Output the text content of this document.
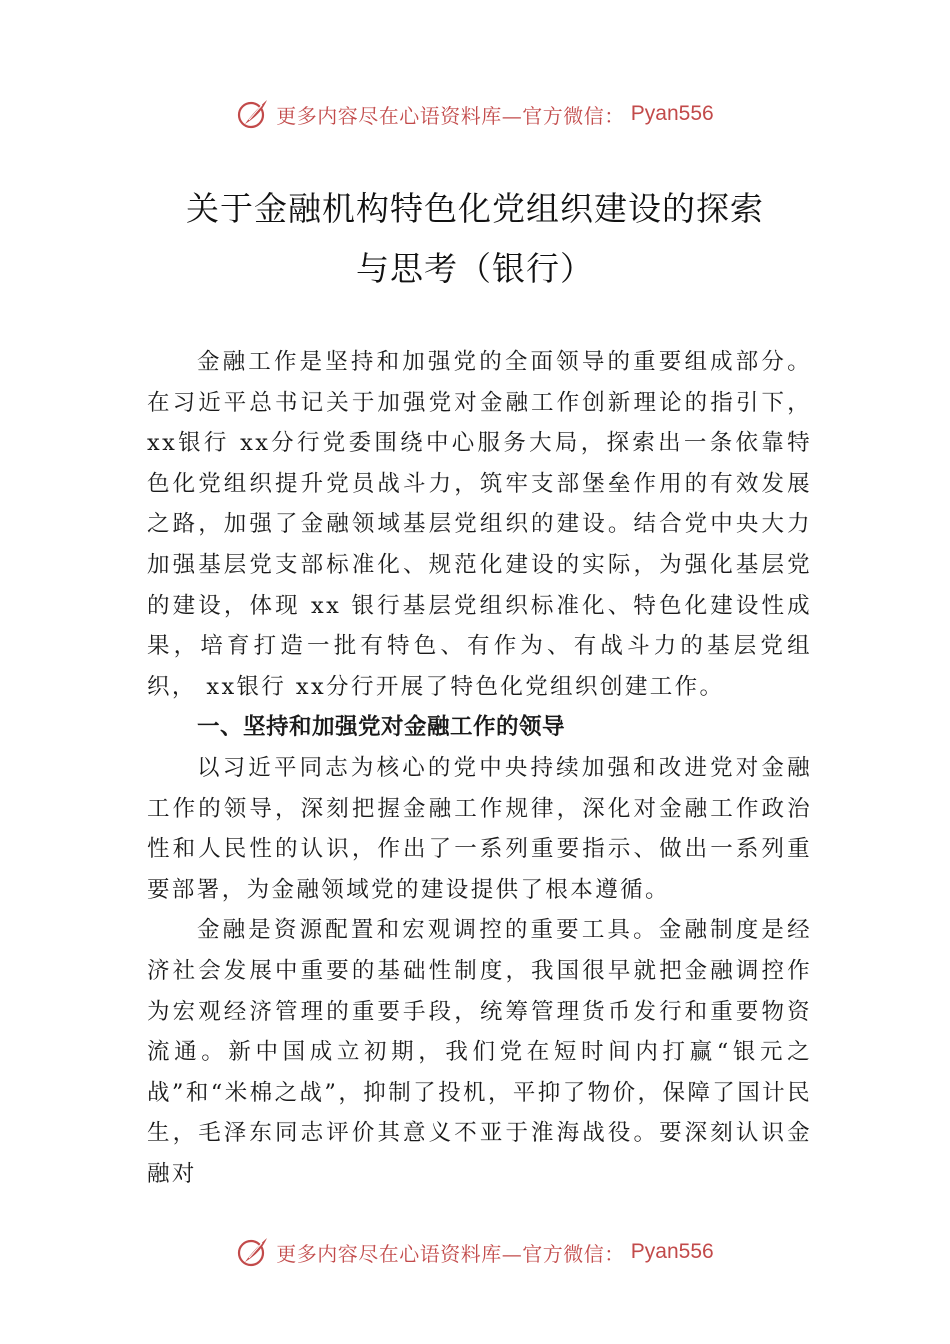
更多内容尽在心语资料库—官方微信： Pyan556
关于金融机构特色化党组织建设的探索
与思考（银行）

金融工作是坚持和加强党的全面领导的重要组成部分。在习近平总书记关于加强党对金融工作创新理论的指引下， xx银行 xx分行党委围绕中心服务大局，探索出一条依靠特色化党组织提升党员战斗力，筑牢支部堡垒作用的有效发展之路，加强了金融领域基层党组织的建设。结合党中央大力加强基层党支部标准化、规范化建设的实际，为强化基层党的建设，体现 xx 银行基层党组织标准化、特色化建设性成果，培育打造一批有特色、有作为、有战斗力的基层党组织， xx银行 xx分行开展了特色化党组织创建工作。

一、坚持和加强党对金融工作的领导

以习近平同志为核心的党中央持续加强和改进党对金融工作的领导，深刻把握金融工作规律，深化对金融工作政治性和人民性的认识，作出了一系列重要指示、做出一系列重要部署，为金融领域党的建设提供了根本遵循。

金融是资源配置和宏观调控的重要工具。金融制度是经济社会发展中重要的基础性制度，我国很早就把金融调控作为宏观经济管理的重要手段，统筹管理货币发行和重要物资流通。新中国成立初期，我们党在短时间内打赢“银元之战”和“米棉之战”，抑制了投机，平抑了物价，保障了国计民生，毛泽东同志评价其意义不亚于淮海战役。要深刻认识金融对

更多内容尽在心语资料库—官方微信： Pyan556
